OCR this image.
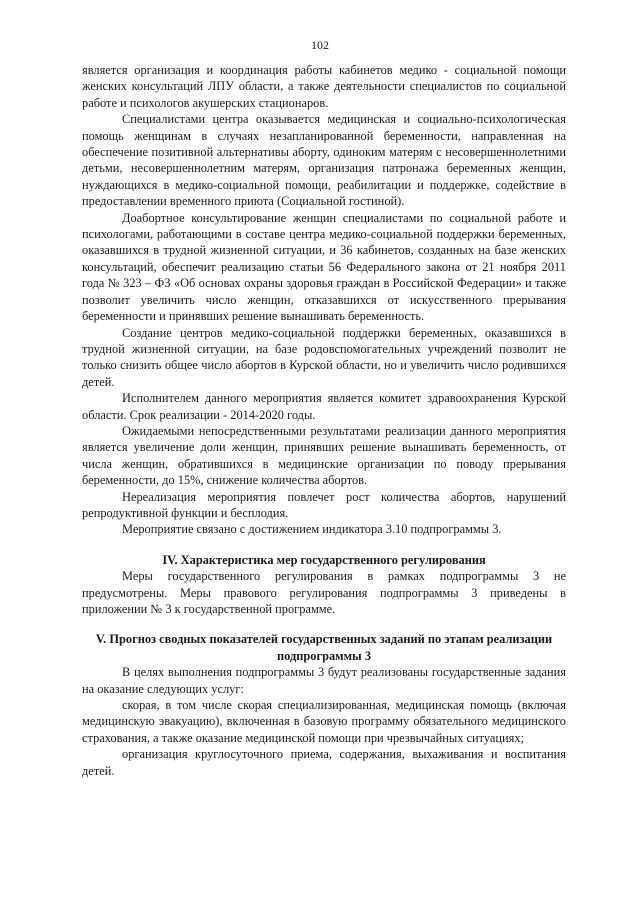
102

является организация и координация работы кабинетов медико - социальной помощи женских консультаций ЛПУ области, а также деятельности специалистов по социальной работе и психологов акушерских стационаров.

Специалистами центра оказывается медицинская и социально-психологическая помощь женщинам в случаях незапланированной беременности, направленная на обеспечение позитивной альтернативы аборту, одиноким матерям с несовершеннолетними детьми, несовершеннолетним матерям, организация патронажа беременных женщин, нуждающихся в медико-социальной помощи, реабилитации и поддержке, содействие в предоставлении временного приюта (Социальной гостиной).

Доабортное консультирование женщин специалистами по социальной работе и психологами, работающими в составе центра медико-социальной поддержки беременных, оказавшихся в трудной жизненной ситуации, и 36 кабинетов, созданных на базе женских консультаций, обеспечит реализацию статьи 56 Федерального закона от 21 ноября 2011 года № 323 – ФЗ «Об основах охраны здоровья граждан в Российской Федерации» и также позволит увеличить число женщин, отказавшихся от искусственного прерывания беременности и принявших решение вынашивать беременность.

Создание центров медико-социальной поддержки беременных, оказавшихся в трудной жизненной ситуации, на базе родовспомогательных учреждений позволит не только снизить общее число абортов в Курской области, но и увеличить число родившихся детей.

Исполнителем данного мероприятия является комитет здравоохранения Курской области. Срок реализации - 2014-2020 годы.

Ожидаемыми непосредственными результатами реализации данного мероприятия является увеличение доли женщин, принявших решение вынашивать беременность, от числа женщин, обратившихся в медицинские организации по поводу прерывания беременности, до 15%, снижение количества абортов.

Нереализация мероприятия повлечет рост количества абортов, нарушений репродуктивной функции и бесплодия.

Мероприятие связано с достижением индикатора 3.10 подпрограммы 3.

IV. Характеристика мер государственного регулирования

Меры государственного регулирования в рамках подпрограммы 3 не предусмотрены. Меры правового регулирования подпрограммы 3 приведены в приложении № 3 к государственной программе.

V. Прогноз сводных показателей государственных заданий по этапам реализации подпрограммы 3

В целях выполнения подпрограммы 3 будут реализованы государственные задания на оказание следующих услуг:

скорая, в том числе скорая специализированная, медицинская помощь (включая медицинскую эвакуацию), включенная в базовую программу обязательного медицинского страхования, а также оказание медицинской помощи при чрезвычайных ситуациях;

организация круглосуточного приема, содержания, выхаживания и воспитания детей.
